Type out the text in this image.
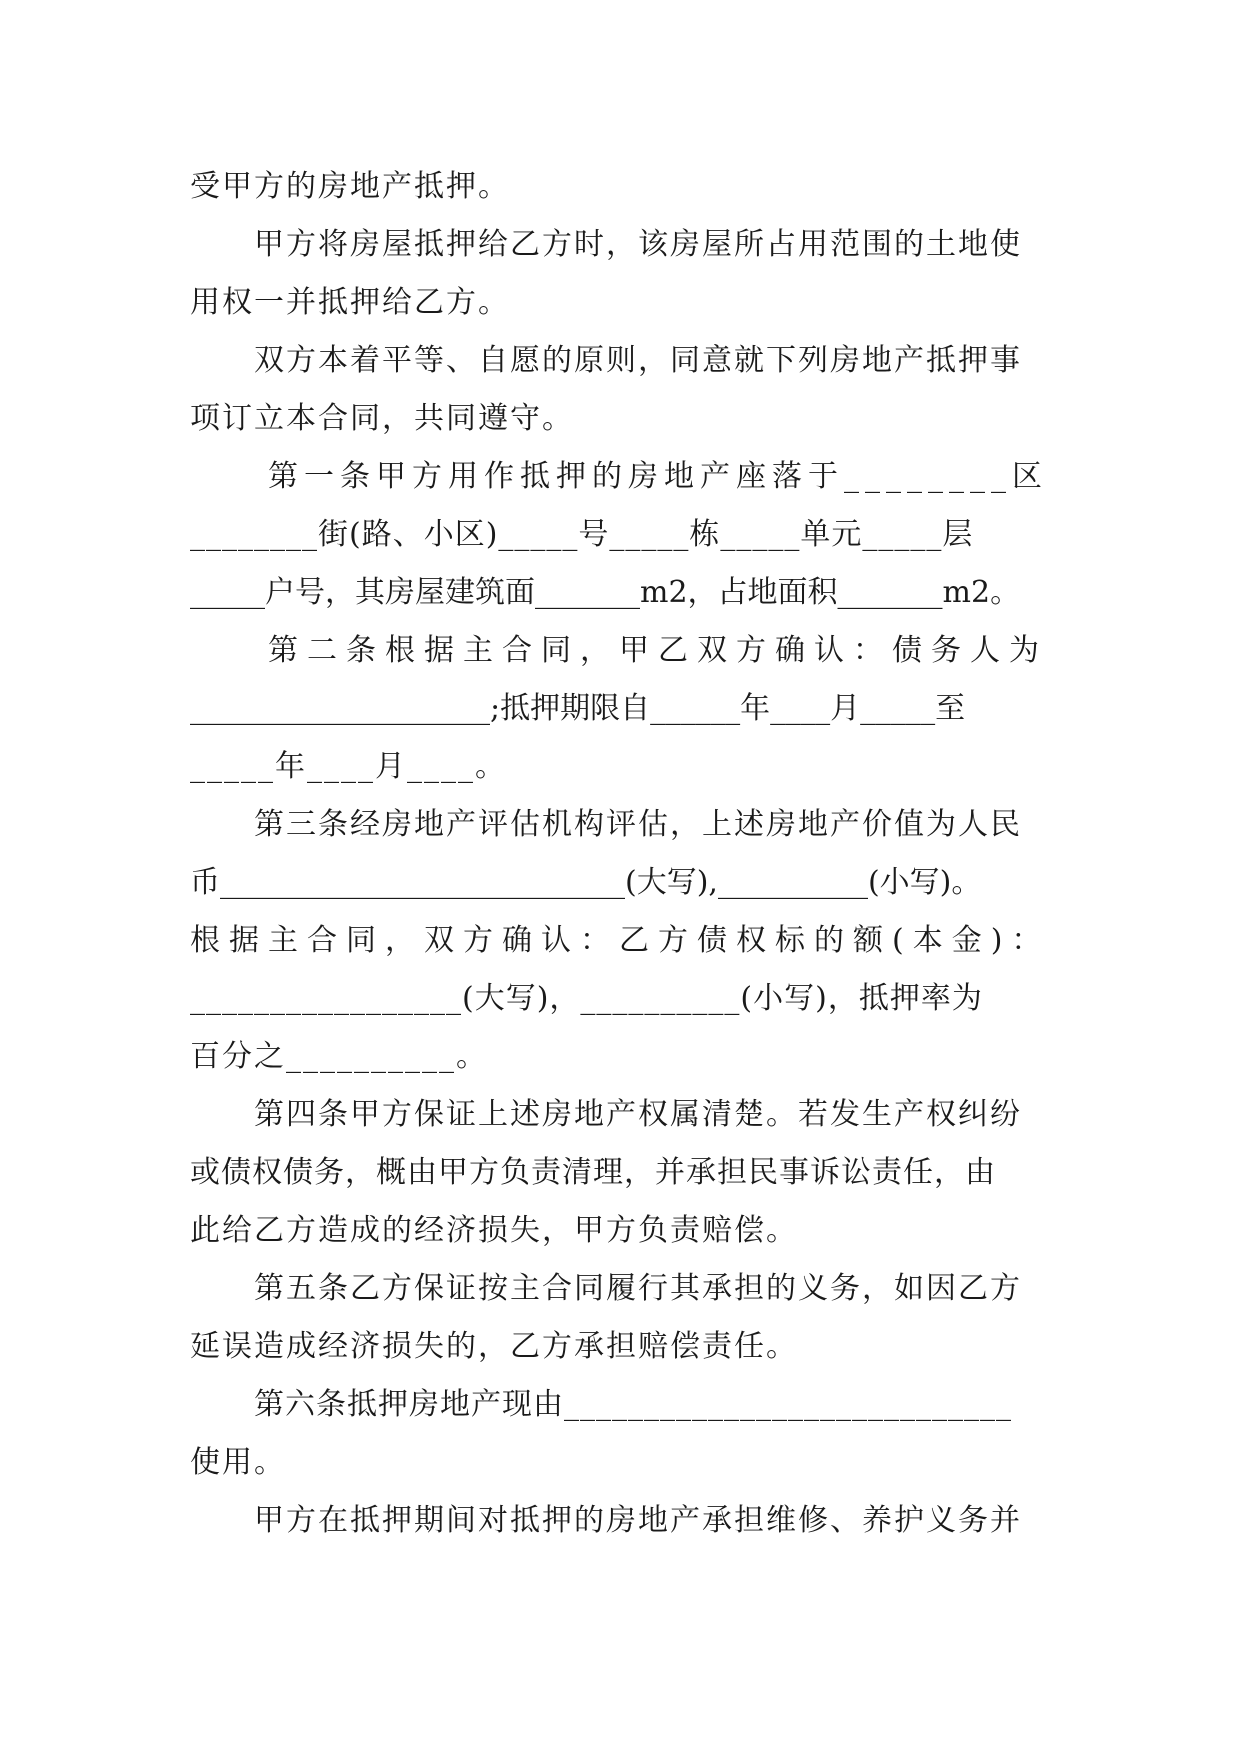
受甲方的房地产抵押。
甲方将房屋抵押给乙方时，该房屋所占用范围的土地使
用权一并抵押给乙方。
双方本着平等、自愿的原则，同意就下列房地产抵押事
项订立本合同，共同遵守。
第一条甲方用作抵押的房地产座落于________区
________街(路、小区)_____号_____栋_____单元_____层
_____户号，其房屋建筑面_______m2，占地面积_______m2。
第二条根据主合同，甲乙双方确认：债务人为
____________________;抵押期限自______年____月_____至
_____年____月____。
第三条经房地产评估机构评估，上述房地产价值为人民
币___________________________(大写),__________(小写)。
根据主合同，双方确认：乙方债权标的额(本金)：
_________________(大写)，__________(小写)，抵押率为
百分之__________。
第四条甲方保证上述房地产权属清楚。若发生产权纠纷
或债权债务，概由甲方负责清理，并承担民事诉讼责任，由
此给乙方造成的经济损失，甲方负责赔偿。
第五条乙方保证按主合同履行其承担的义务，如因乙方
延误造成经济损失的，乙方承担赔偿责任。
第六条抵押房地产现由____________________________
使用。
甲方在抵押期间对抵押的房地产承担维修、养护义务并
